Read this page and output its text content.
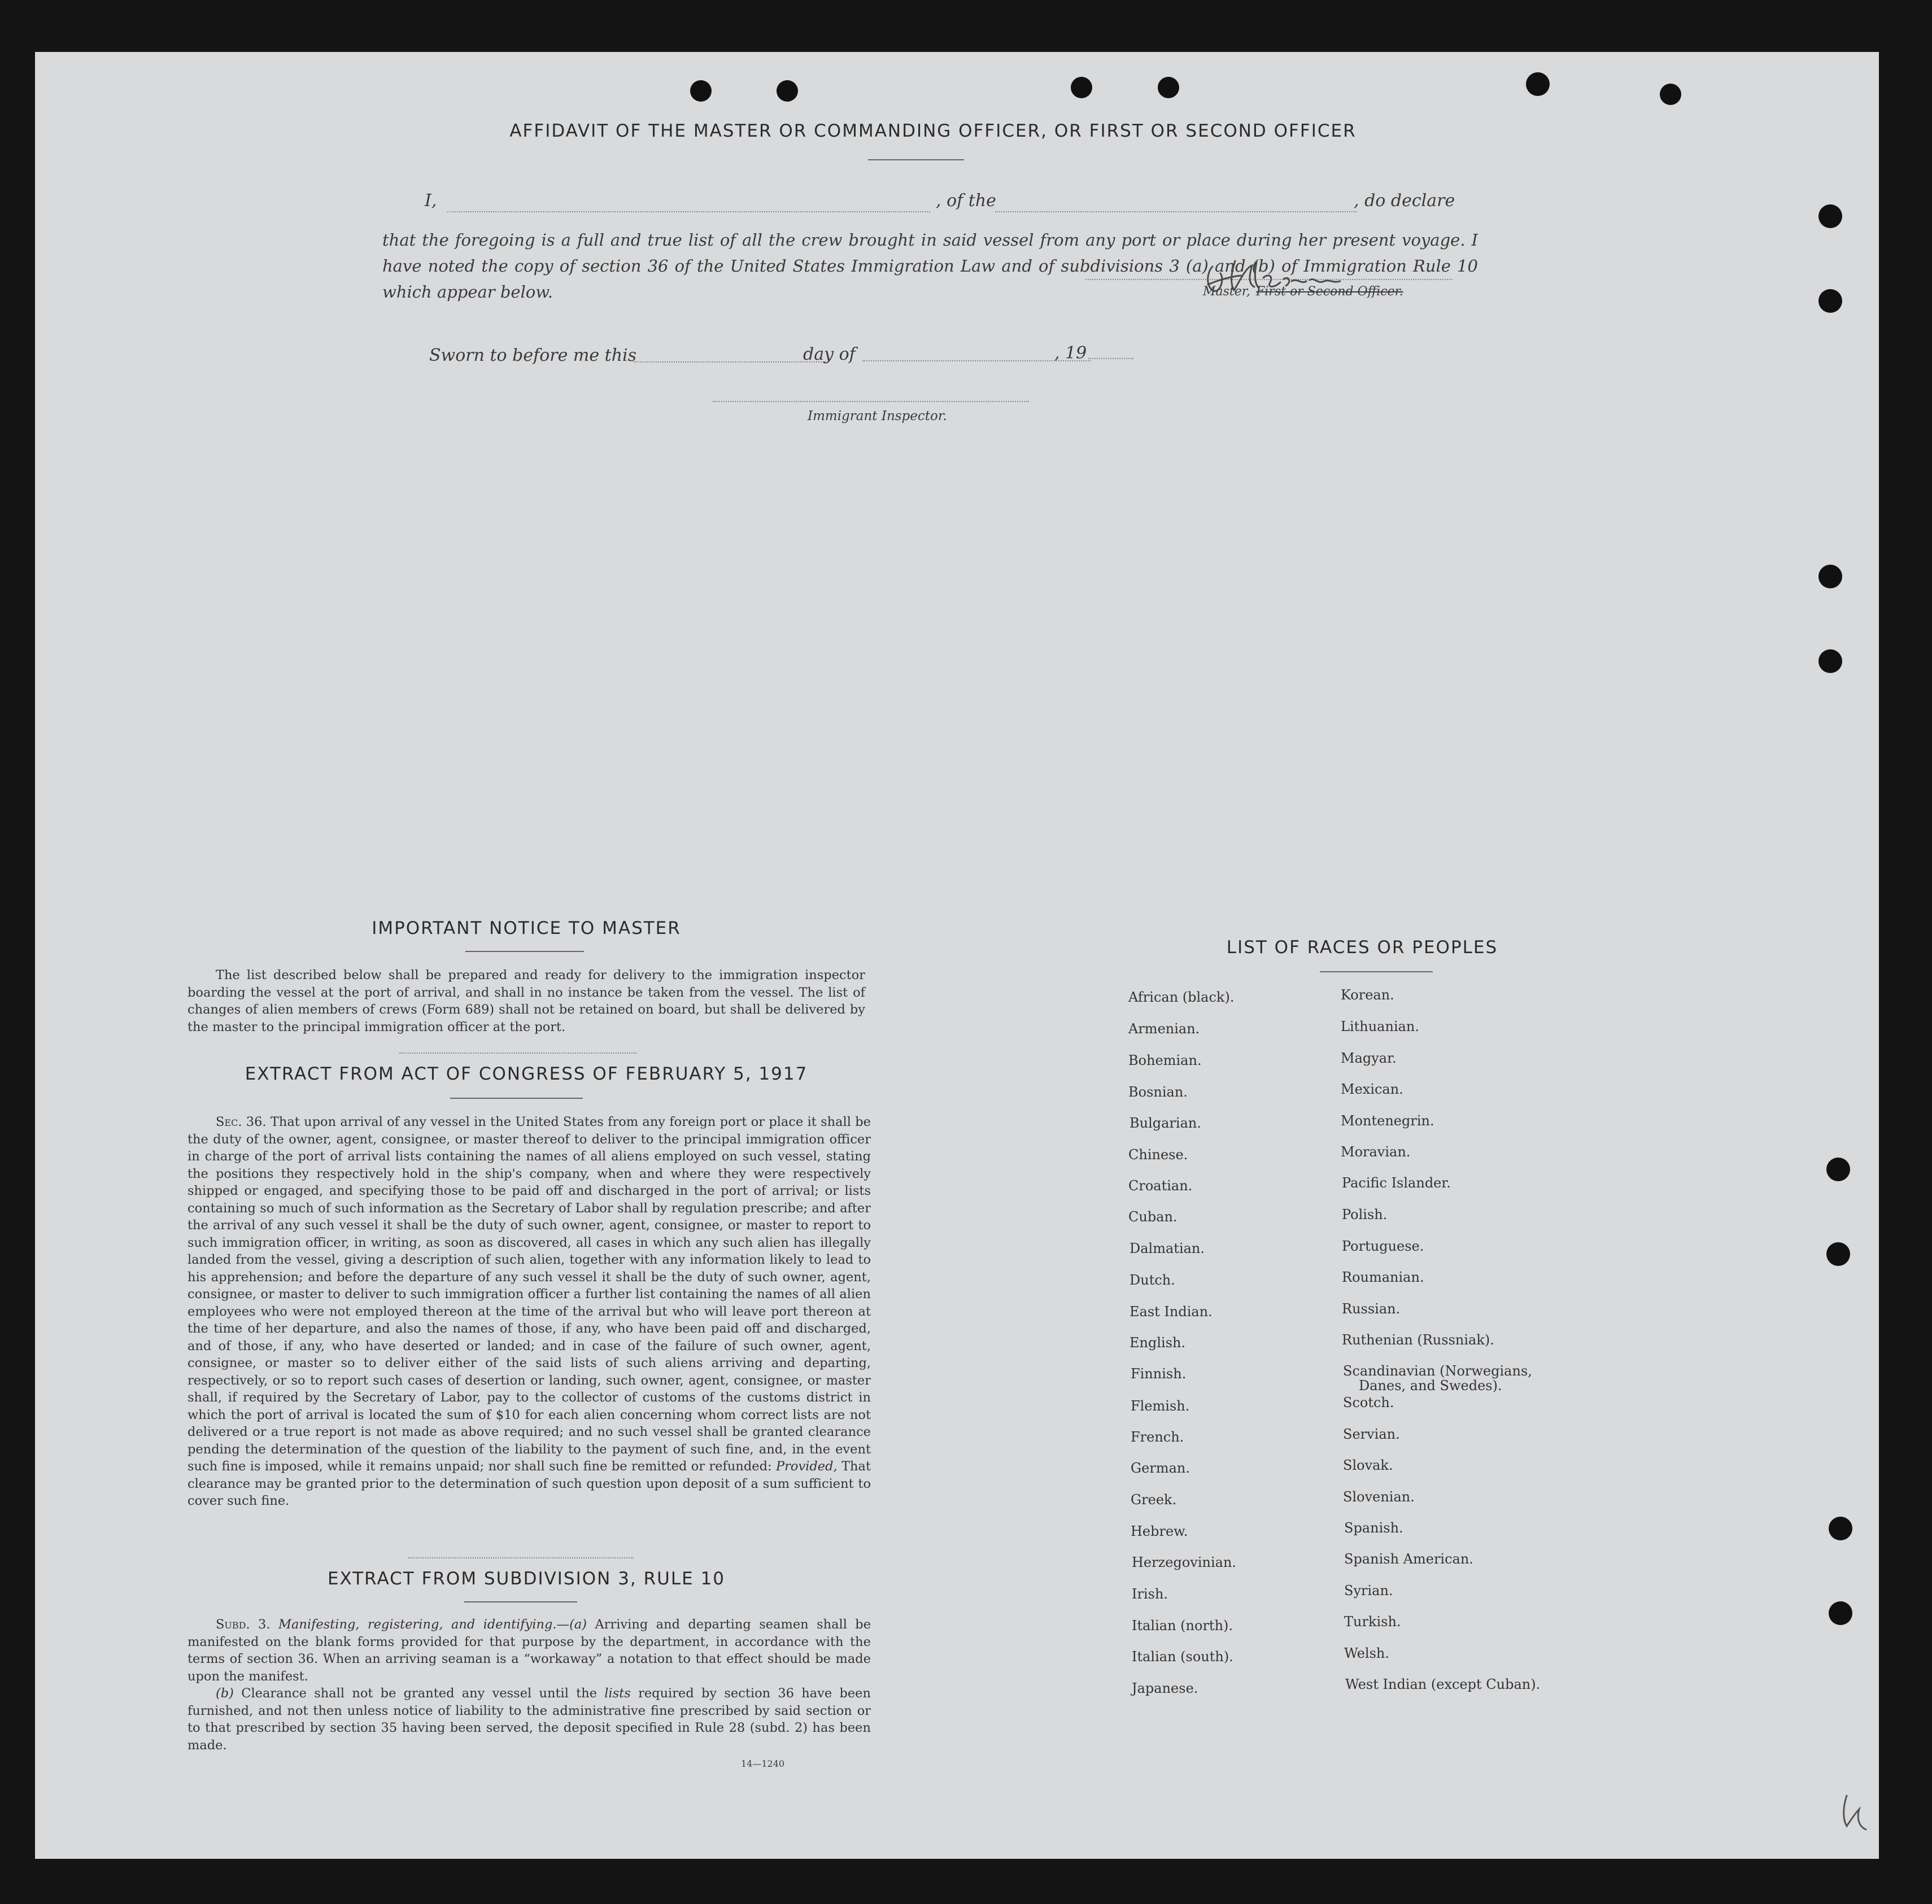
AFFIDAVIT OF THE MASTER OR COMMANDING OFFICER, OR FIRST OR SECOND OFFICER
I,	, of the	, do declare
that the foregoing is a full and true list of all the crew brought in said vessel from any port or place during her present voyage. I have noted the copy of section 36 of the United States Immigration Law and of subdivisions 3 (a) and (b) of Immigration Rule 10 which appear below.	Master, First or Second Officer.
Sworn to before me this	day of	, 19
Immigrant Inspector.
IMPORTANT NOTICE TO MASTER
The list described below shall be prepared and ready for delivery to the immigration inspector boarding the vessel at the port of arrival, and shall in no instance be taken from the vessel. The list of changes of alien members of crews (Form 689) shall not be retained on board, but shall be delivered by the master to the principal immigration officer at the port.
EXTRACT FROM ACT OF CONGRESS OF FEBRUARY 5, 1917
Sec. 36. That upon arrival of any vessel in the United States from any foreign port or place it shall be the duty of the owner, agent, consignee, or master thereof to deliver to the principal immigration officer in charge of the port of arrival lists containing the names of all aliens employed on such vessel, stating the positions they respectively hold in the ship's company, when and where they were respectively shipped or engaged, and specifying those to be paid off and discharged in the port of arrival; or lists containing so much of such information as the Secretary of Labor shall by regulation prescribe; and after the arrival of any such vessel it shall be the duty of such owner, agent, consignee, or master to report to such immigration officer, in writing, as soon as discovered, all cases in which any such alien has illegally landed from the vessel, giving a description of such alien, together with any information likely to lead to his apprehension; and before the departure of any such vessel it shall be the duty of such owner, agent, consignee, or master to deliver to such immigration officer a further list containing the names of all alien employees who were not employed thereon at the time of the arrival but who will leave port thereon at the time of her departure, and also the names of those, if any, who have been paid off and discharged, and of those, if any, who have deserted or landed; and in case of the failure of such owner, agent, consignee, or master so to deliver either of the said lists of such aliens arriving and departing, respectively, or so to report such cases of desertion or landing, such owner, agent, consignee, or master shall, if required by the Secretary of Labor, pay to the collector of customs of the customs district in which the port of arrival is located the sum of $10 for each alien concerning whom correct lists are not delivered or a true report is not made as above required; and no such vessel shall be granted clearance pending the determination of the question of the liability to the payment of such fine, and, in the event such fine is imposed, while it remains unpaid; nor shall such fine be remitted or refunded: Provided, That clearance may be granted prior to the determination of such question upon deposit of a sum sufficient to cover such fine.
EXTRACT FROM SUBDIVISION 3, RULE 10

Subd. 3. Manifesting, registering, and identifying.—(a) Arriving and departing seamen shall be manifested on the blank forms provided for that purpose by the department, in accordance with the terms of section 36. When an arriving seaman is a “workaway” a notation to that effect should be made upon the manifest.

(b) Clearance shall not be granted any vessel until the lists required by section 36 have been furnished, and not then unless notice of liability to the administrative fine prescribed by said section or to that prescribed by section 35 having been served, the deposit specified in Rule 28 (subd. 2) has been made.

14—1240
LIST OF RACES OR PEOPLES
African (black).
Armenian.
Bohemian.
Bosnian.
Bulgarian.
Chinese.
Croatian.
Cuban.
Dalmatian.
Dutch.
East Indian.
English.
Finnish.
Flemish.
French.
German.
Greek.
Hebrew.
Herzegovinian.
Irish.
Italian (north).
Italian (south).
Japanese.
Korean.
Lithuanian.
Magyar.
Mexican.
Montenegrin.
Moravian.
Pacific Islander.
Polish.
Portuguese.
Roumanian.
Russian.
Ruthenian (Russniak).
Scandinavian (Norwegians,
Danes, and Swedes).
Scotch.
Servian.
Slovak.
Slovenian.
Spanish.
Spanish American.
Syrian.
Turkish.
Welsh.
West Indian (except Cuban).
